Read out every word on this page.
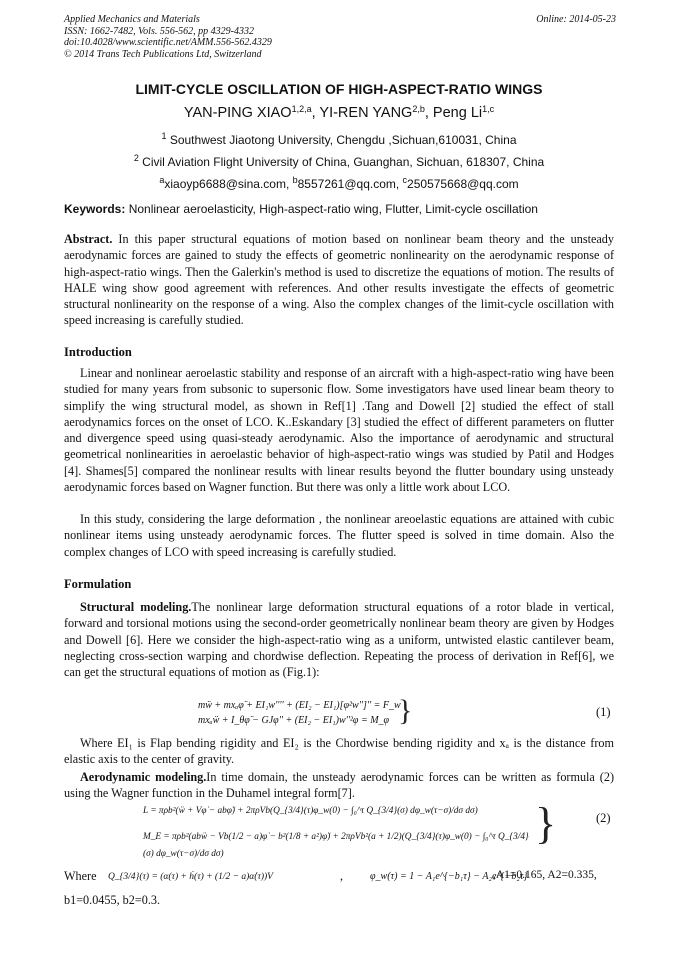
Applied Mechanics and Materials
ISSN: 1662-7482, Vols. 556-562, pp 4329-4332
doi:10.4028/www.scientific.net/AMM.556-562.4329
© 2014 Trans Tech Publications Ltd, Switzerland
Online: 2014-05-23
LIMIT-CYCLE OSCILLATION OF HIGH-ASPECT-RATIO WINGS
YAN-PING XIAO$^{1,2,a}$, YI-REN YANG$^{2,b}$, Peng Li$^{1,c}$
$^1$ Southwest Jiaotong University, Chengdu ,Sichuan,610031, China
$^2$ Civil Aviation Flight University of China, Guanghan, Sichuan, 618307, China
$^a$xiaoyp6688@sina.com, $^b$8557261@qq.com, $^c$250575668@qq.com
Keywords: Nonlinear aeroelasticity, High-aspect-ratio wing, Flutter, Limit-cycle oscillation
Abstract. In this paper structural equations of motion based on nonlinear beam theory and the unsteady aerodynamic forces are gained to study the effects of geometric nonlinearity on the aerodynamic response of high-aspect-ratio wings. Then the Galerkin's method is used to discretize the equations of motion. The results of HALE wing show good agreement with references. And other results investigate the effects of geometric structural nonlinearity on the response of a wing. Also the complex changes of the limit-cycle oscillation with speed increasing is carefully studied.
Introduction
Linear and nonlinear aeroelastic stability and response of an aircraft with a high-aspect-ratio wing have been studied for many years from subsonic to supersonic flow. Some investigators have used linear beam theory to simplify the wing structural model, as shown in Ref[1] .Tang and Dowell [2] studied the effect of stall aerodynamics forces on the onset of LCO. K..Eskandary [3] studied the effect of different parameters on flutter and divergence speed using quasi-steady aerodynamic. Also the importance of aerodynamic and structural geometrical nonlinearities in aeroelastic behavior of high-aspect-ratio wings was studied by Patil and Hodges [4]. Shames[5] compared the nonlinear results with linear results beyond the flutter boundary using unsteady aerodynamic forces based on Wagner function. But there was only a little work about LCO.
In this study, considering the large deformation , the nonlinear areoelastic equations are attained with cubic nonlinear items using unsteady aerodynamic forces. The flutter speed is solved in time domain. Also the complex changes of LCO with speed increasing is carefully studied.
Formulation
Structural modeling.The nonlinear large deformation structural equations of a rotor blade in vertical, forward and torsional motions using the second-order geometrically nonlinear beam theory are given by Hodges and Dowell [6]. Here we consider the high-aspect-ratio wing as a uniform, untwisted elastic cantilever beam, neglecting cross-section warping and chordwise deflection. Repeating the process of derivation in Ref[6], we can get the structural equations of motion as (Fig.1):
mẅ + mxₐφ̈ + EI₁w'''' + (EI₂ − EI₁)[φ²w'']'' = F_w
mxₐẅ + I_θφ̈ − GJφ'' + (EI₂ − EI₁)w''²φ = M_φ }	(1)
Where EI₁ is Flap bending rigidity and EI₂ is the Chordwise bending rigidity and xₐ is the distance from elastic axis to the center of gravity.
Aerodynamic modeling.In time domain, the unsteady aerodynamic forces can be written as formula (2) using the Wagner function in the Duhamel integral form[7].
L = πρb²(ẅ + Vφ̇ − abφ̈) + 2πρVb(Q_{3/4}(τ)φ_w(0) − ∫₀^τ Q_{3/4}(σ) dφ_w(τ−σ)/dσ dσ)
M_E = πρb²(abẅ − Vb(1/2 − a)φ̇ − b²(1/8 + a²)φ̈) + 2πρVb²(a + 1/2)(Q_{3/4}(τ)φ_w(0) − ∫₀^τ Q_{3/4}(σ) dφ_w(τ−σ)/dσ dσ)
}	(2)
Where Q_{3/4}(τ) = (α(τ) + ḣ(τ) + (1/2 − a)α̇(τ))V	,	φ_w(τ) = 1 − A₁e^{−b₁τ} − A₂e^{−b₂τ}
,A1=0.165, A2=0.335,
b1=0.0455, b2=0.3.
